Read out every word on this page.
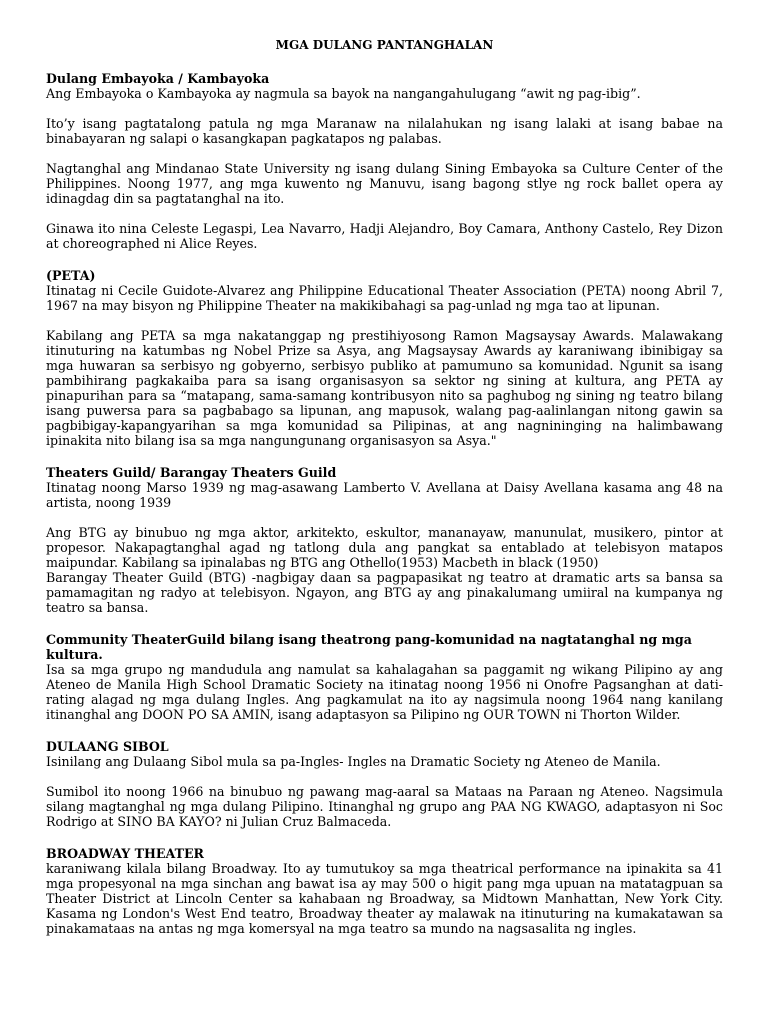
MGA DULANG PANTANGHALAN

Dulang Embayoka / Kambayoka

Ang Embayoka o Kambayoka ay nagmula sa bayok na nangangahulugang “awit ng pag-ibig”.

Ito’y isang pagtatalong patula ng mga Maranaw na nilalahukan ng isang lalaki at isang babae na binabayaran ng salapi o kasangkapan pagkatapos ng palabas.

Nagtanghal ang Mindanao State University ng isang dulang Sining Embayoka sa Culture Center of the Philippines. Noong 1977, ang mga kuwento ng Manuvu, isang bagong stlye ng rock ballet opera ay idinagdag din sa pagtatanghal na ito.

Ginawa ito nina Celeste Legaspi, Lea Navarro, Hadji Alejandro, Boy Camara, Anthony Castelo, Rey Dizon at choreographed ni Alice Reyes.

(PETA)

Itinatag ni Cecile Guidote-Alvarez ang Philippine Educational Theater Association (PETA) noong Abril 7, 1967 na may bisyon ng Philippine Theater na makikibahagi sa pag-unlad ng mga tao at lipunan.

Kabilang ang PETA sa mga nakatanggap ng prestihiyosong Ramon Magsaysay Awards. Malawakang itinuturing na katumbas ng Nobel Prize sa Asya, ang Magsaysay Awards ay karaniwang ibinibigay sa mga huwaran sa serbisyo ng gobyerno, serbisyo publiko at pamumuno sa komunidad. Ngunit sa isang pambihirang pagkakaiba para sa isang organisasyon sa sektor ng sining at kultura, ang PETA ay pinapurihan para sa “matapang, sama-samang kontribusyon nito sa paghubog ng sining ng teatro bilang isang puwersa para sa pagbabago sa lipunan, ang mapusok, walang pag-aalinlangan nitong gawin sa pagbibigay-kapangyarihan sa mga komunidad sa Pilipinas, at ang nagnininging na halimbawang ipinakita nito bilang isa sa mga nangungunang organisasyon sa Asya."

Theaters Guild/ Barangay Theaters Guild

Itinatag noong Marso 1939 ng mag-asawang Lamberto V. Avellana at Daisy Avellana kasama ang 48 na artista, noong 1939

Ang BTG ay binubuo ng mga aktor, arkitekto, eskultor, mananayaw, manunulat, musikero, pintor at propesor. Nakapagtanghal agad ng tatlong dula ang pangkat sa entablado at telebisyon matapos maipundar. Kabilang sa ipinalabas ng BTG ang Othello(1953) Macbeth in black (1950)

Barangay Theater Guild (BTG) -nagbigay daan sa pagpapasikat ng teatro at dramatic arts sa bansa sa pamamagitan ng radyo at telebisyon. Ngayon, ang BTG ay ang pinakalumang umiiral na kumpanya ng teatro sa bansa.

Community TheaterGuild bilang isang theatrong pang-komunidad na nagtatanghal ng mga kultura.

Isa sa mga grupo ng mandudula ang namulat sa kahalagahan sa paggamit ng wikang Pilipino ay ang Ateneo de Manila High School Dramatic Society na itinatag noong 1956 ni Onofre Pagsanghan at dati-rating alagad ng mga dulang Ingles. Ang pagkamulat na ito ay nagsimula noong 1964 nang kanilang itinanghal ang DOON PO SA AMIN, isang adaptasyon sa Pilipino ng OUR TOWN ni Thorton Wilder.

DULAANG SIBOL

Isinilang ang Dulaang Sibol mula sa pa-Ingles- Ingles na Dramatic Society ng Ateneo de Manila.

Sumibol ito noong 1966 na binubuo ng pawang mag-aaral sa Mataas na Paraan ng Ateneo. Nagsimula silang magtanghal ng mga dulang Pilipino. Itinanghal ng grupo ang PAA NG KWAGO, adaptasyon ni Soc Rodrigo at SINO BA KAYO? ni Julian Cruz Balmaceda.

BROADWAY THEATER

karaniwang kilala bilang Broadway. Ito ay tumutukoy sa mga theatrical performance na ipinakita sa 41 mga propesyonal na mga sinchan ang bawat isa ay may 500 o higit pang mga upuan na matatagpuan sa Theater District at Lincoln Center sa kahabaan ng Broadway, sa Midtown Manhattan, New York City. Kasama ng London's West End teatro, Broadway theater ay malawak na itinuturing na kumakatawan sa pinakamataas na antas ng mga komersyal na mga teatro sa mundo na nagsasalita ng ingles.
